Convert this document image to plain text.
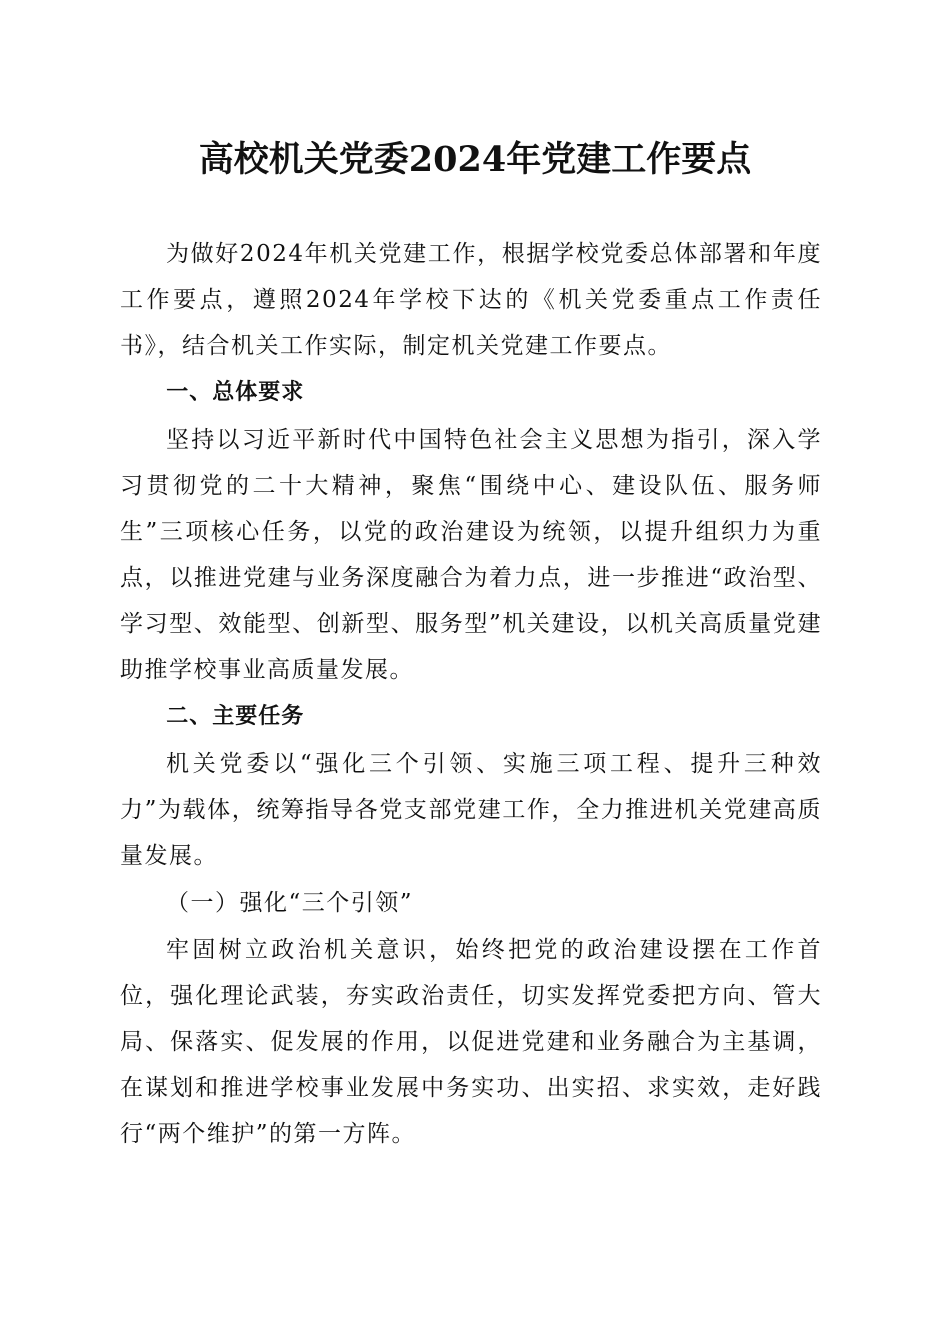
高校机关党委2024年党建工作要点

为做好2024年机关党建工作，根据学校党委总体部署和年度工作要点，遵照2024年学校下达的《机关党委重点工作责任书》，结合机关工作实际，制定机关党建工作要点。

一、总体要求

坚持以习近平新时代中国特色社会主义思想为指引，深入学习贯彻党的二十大精神，聚焦“围绕中心、建设队伍、服务师生”三项核心任务，以党的政治建设为统领，以提升组织力为重点，以推进党建与业务深度融合为着力点，进一步推进“政治型、学习型、效能型、创新型、服务型”机关建设，以机关高质量党建助推学校事业高质量发展。

二、主要任务

机关党委以“强化三个引领、实施三项工程、提升三种效力”为载体，统筹指导各党支部党建工作，全力推进机关党建高质量发展。

（一）强化“三个引领”

牢固树立政治机关意识，始终把党的政治建设摆在工作首位，强化理论武装，夯实政治责任，切实发挥党委把方向、管大局、保落实、促发展的作用，以促进党建和业务融合为主基调，在谋划和推进学校事业发展中务实功、出实招、求实效，走好践行“两个维护”的第一方阵。
